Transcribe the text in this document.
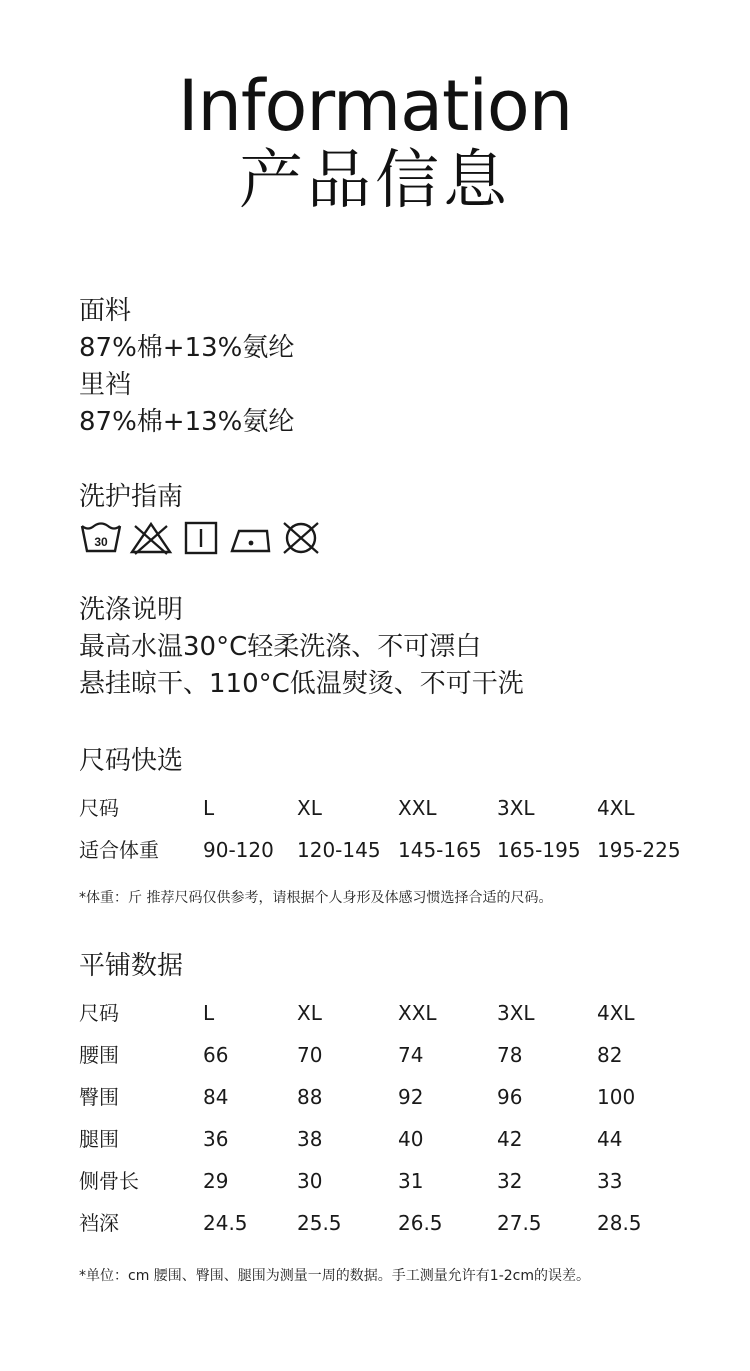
Information
产品信息
面料
87%棉+13%氨纶
里裆
87%棉+13%氨纶
洗护指南
30
洗涤说明
最高水温30°C轻柔洗涤、不可漂白
悬挂晾干、110°C低温熨烫、不可干洗
尺码快选
尺码	L	XL	XXL	3XL	4XL
适合体重 90-120 120-145 145-165 165-195 195-225
*体重：斤 推荐尺码仅供参考，请根据个人身形及体感习惯选择合适的尺码。
平铺数据
尺码	L	XL	XXL	3XL	4XL
腰围	66	70	74	78	82
臀围	84	88	92	96	100
腿围	36	38	40	42	44
侧骨长	29	30	31	32	33
裆深	24.5 25.5	26.5	27.5	28.5
*单位：cm 腰围、臀围、腿围为测量一周的数据。手工测量允许有1-2cm的误差。
